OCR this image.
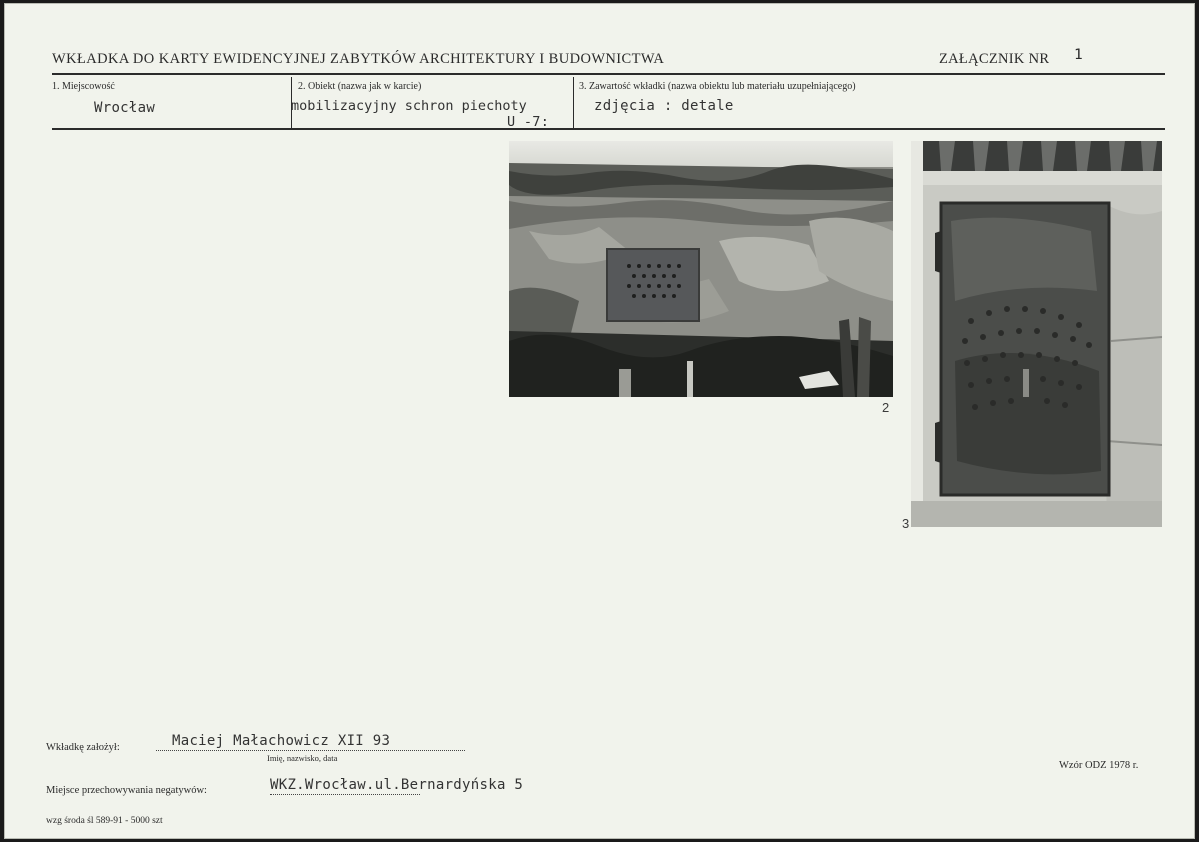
WKŁADKA DO KARTY EWIDENCYJNEJ ZABYTKÓW ARCHITEKTURY I BUDOWNICTWA	ZAŁĄCZNIK NR 1
1. Miejscowość
Wrocław
2. Obiekt (nazwa jak w karcie)
mobilizacyjny schron piechoty
U -7:
3. Zawartość wkładki (nazwa obiektu lub materiału uzupełniającego)
zdjęcia : detale
2
3
Wkładkę założył:	Maciej Małachowicz XII 93
Imię, nazwisko, data
Miejsce przechowywania negatywów:	WKZ.Wrocław.ul.Bernardyńska 5
Wzór ODZ 1978 r.
wzg środa śl 589-91 - 5000 szt
